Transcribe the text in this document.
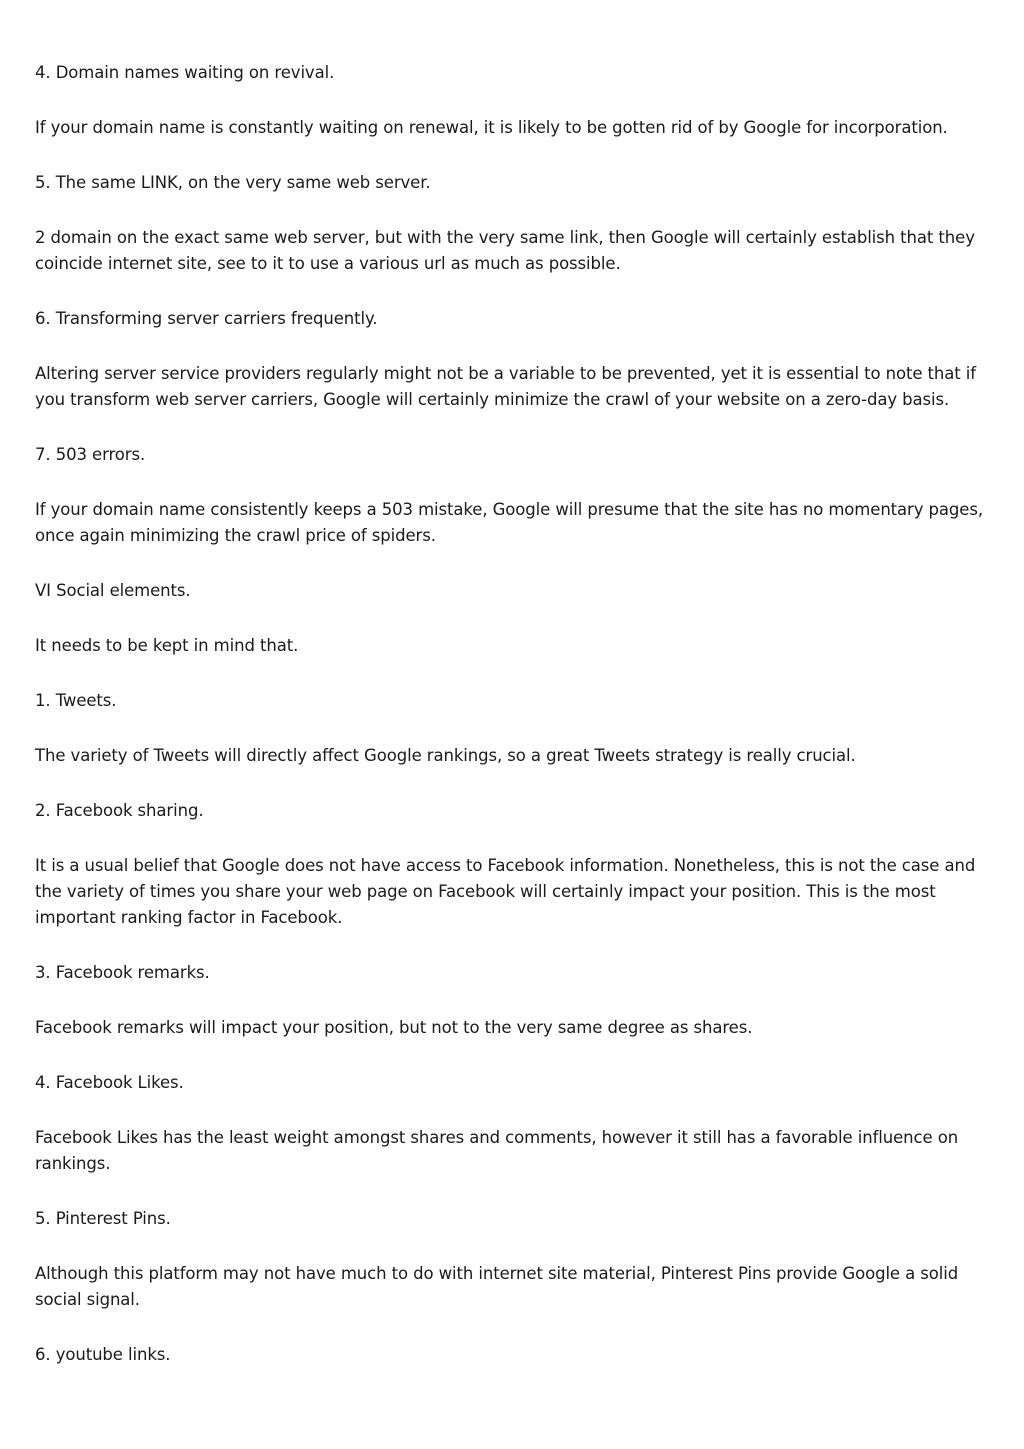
4. Domain names waiting on revival.

If your domain name is constantly waiting on renewal, it is likely to be gotten rid of by Google for incorporation.

5. The same LINK, on the very same web server.

2 domain on the exact same web server, but with the very same link, then Google will certainly establish that they coincide internet site, see to it to use a various url as much as possible.

6. Transforming server carriers frequently.

Altering server service providers regularly might not be a variable to be prevented, yet it is essential to note that if you transform web server carriers, Google will certainly minimize the crawl of your website on a zero-day basis.

7. 503 errors.

If your domain name consistently keeps a 503 mistake, Google will presume that the site has no momentary pages, once again minimizing the crawl price of spiders.

VI Social elements.

It needs to be kept in mind that.

1. Tweets.

The variety of Tweets will directly affect Google rankings, so a great Tweets strategy is really crucial.

2. Facebook sharing.

It is a usual belief that Google does not have access to Facebook information. Nonetheless, this is not the case and the variety of times you share your web page on Facebook will certainly impact your position. This is the most important ranking factor in Facebook.

3. Facebook remarks.

Facebook remarks will impact your position, but not to the very same degree as shares.

4. Facebook Likes.

Facebook Likes has the least weight amongst shares and comments, however it still has a favorable influence on rankings.

5. Pinterest Pins.

Although this platform may not have much to do with internet site material, Pinterest Pins provide Google a solid social signal.

6. youtube links.
